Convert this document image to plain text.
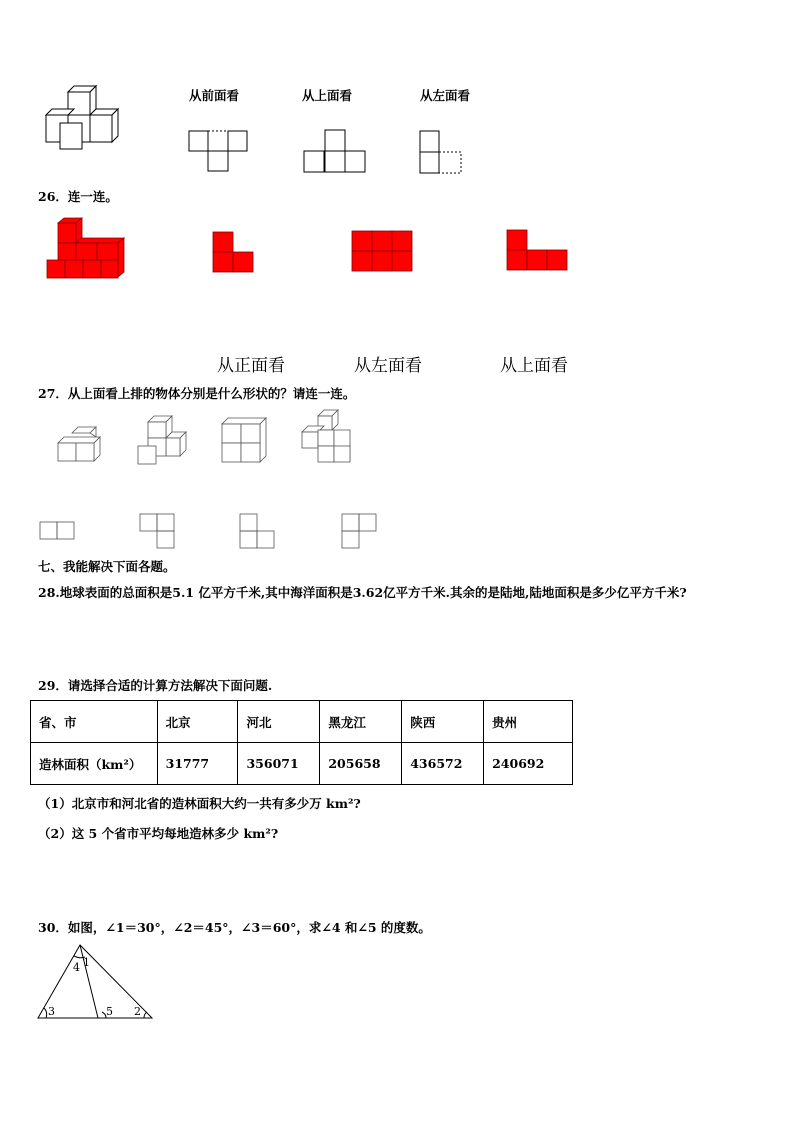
从前面看	从上面看	从左面看
26．连一连。
从正面看	从左面看	从上面看
27．从上面看上排的物体分别是什么形状的？请连一连。
七、我能解决下面各题。
28.地球表面的总面积是5.1 亿平方千米,其中海洋面积是3.62亿平方千米.其余的是陆地,陆地面积是多少亿平方千米?
29．请选择合适的计算方法解决下面问题.
省、市	北京	河北	黑龙江	陕西	贵州
造林面积（km²）	31777	356071	205658	436572	240692
（1）北京市和河北省的造林面积大约一共有多少万 km²?
（2）这 5 个省市平均每地造林多少 km²?
30．如图，∠1＝30°，∠2＝45°，∠3＝60°，求∠4 和∠5 的度数。
1
4
3	5 2
